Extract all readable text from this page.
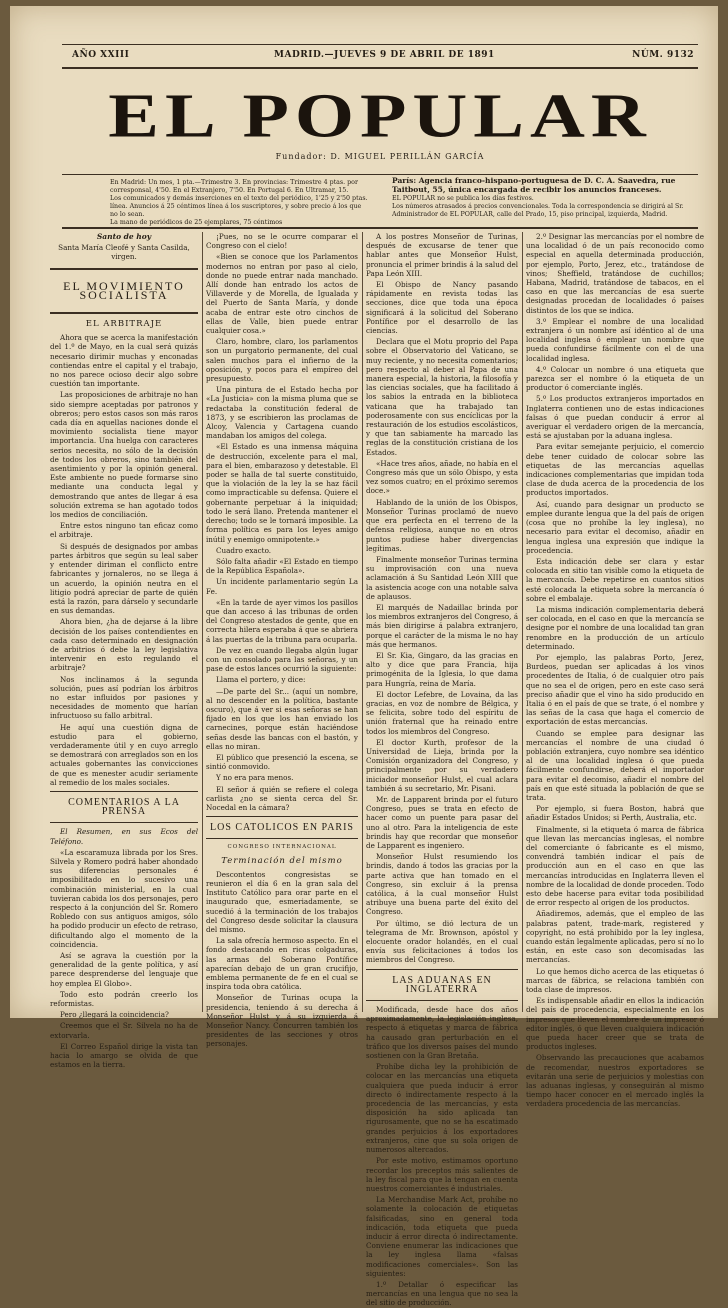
AÑO XXIII	MADRID.—JUEVES 9 DE ABRIL DE 1891	NÚM. 9132
EL POPULAR
Fundador: D. MIGUEL PERILLÁN GARCÍA
En Madrid: Un mes, 1 pta.—Trimestre 3. En provincias: Trimestre 4 ptas. por corresponsal, 4'50. En el Extranjero, 7'50. En Portugal 6. En Ultramar, 15.
Los comunicados y demás inserciones en el texto del periódico, 1'25 y 2'50 ptas. línea. Anuncios á 25 céntimos línea á los suscriptores, y sobre precio á los que no lo sean.
La mano de periódicos de 25 ejemplares, 75 céntimos
París: Agencia franco-hispano-portuguesa de D. C. A. Saavedra, rue Taitbout, 55, única encargada de recibir los anuncios franceses.
EL POPULAR no se publica los días festivos.
Los números atrasados á precios convencionales. Toda la correspondencia se dirigirá al Sr. Administrador de EL POPULAR, calle del Prado, 15, piso principal, izquierda, Madrid.
Santo de hoy

Santa María Cleofé y Santa Casilda, virgen.

EL MOVIMIENTO SOCIALISTA
EL ARBITRAJE

Ahora que se acerca la manifestación del 1.º de Mayo, en la cual será quizás necesario dirimir muchas y enconadas contiendas entre el capital y el trabajo, no nos parece ocioso decir algo sobre cuestión tan importante.

Las proposiciones de arbitraje no han sido siempre aceptadas por patronos y obreros; pero estos casos son más raros cada día en aquellas naciones donde el movimiento socialista tiene mayor importancia. Una huelga con caracteres serios necesita, no sólo de la decisión de todos los obreros, sino también del asentimiento y por la opinión general. Este ambiente no puede formarse sino mediante una conducta legal y demostrando que antes de llegar á esa solución extrema se han agotado todos los medios de conciliación.

Entre estos ninguno tan eficaz como el arbitraje.

Si después de designados por ambas partes árbitros que según su leal saber y entender diriman el conflicto entre fabricantes y jornaleros, no se llega á un acuerdo, la opinión neutra en el litigio podrá apreciar de parte de quién está la razón, para dárselo y secundarle en sus demandas.

Ahora bien, ¿ha de dejarse á la libre decisión de los países contendientes en cada caso determinado en designación de arbitrios ó debe la ley legislativa intervenir en esto regulando el arbitraje?

Nos inclinamos á la segunda solución, pues así podrían los árbitros no estar influidos por pasiones y necesidades de momento que harían infructuoso su fallo arbitral.

He aquí una cuestión digna de estudio para el gobierno, verdaderamente útil y en cuyo arreglo se demostrará con arreglados son en los actuales gobernantes las convicciones de que es menester acudir seriamente al remedio de los males sociales.

COMENTARIOS A LA PRENSA

El Resumen, en sus Ecos del Teléfono.

«La escaramuza librada por los Sres. Silvela y Romero podrá haber ahondado sus diferencias personales é imposibilitado en lo sucesivo una combinación ministerial, en la cual tuvieran cabida los dos personajes, pero respecto á la conjunción del Sr. Romero Robledo con sus antiguos amigos, sólo ha podido producir un efecto de retraso, dificultando algo el momento de la coincidencia.

Así se agrava la cuestión por la generalidad de la gente política, y así parece desprenderse del lenguaje que hoy emplea El Globo».

Todo esto podrán creerlo los reformistas.

Pero ¿llegará la coincidencia?

Creemos que el Sr. Silvela no ha de extorvarla.

El Correo Español dirige la vista tan hacia lo amargo se olvida de que estamos en la tierra.

¡Pues, no se le ocurre comparar el Congreso con el cielo!

«Bien se conoce que los Parlamentos modernos no entran por paso al cielo, donde no puede entrar nada manchado. Allí donde han entrado los actos de Villaverde y de Morella, de Igualada y del Puerto de Santa María, y donde acaba de entrar este otro cinchos de ellas de Valle, bien puede entrar cualquier cosa.»

Claro, hombre, claro, los parlamentos son un purgatorio permanente, del cual salen muchos para el infierno de la oposición, y pocos para el empíreo del presupuesto.

Una pintura de el Estado hecha por «La Justicia» con la misma pluma que se redactaba la constitución federal de 1873, y se escribieron las proclamas de Alcoy, Valencia y Cartagena cuando mandaban los amigos del colega.

«El Estado es una inmensa máquina de destrucción, excelente para el mal, para el bien, embarazoso y detestable. El poder se halla de tal suerte constituido, que la violación de la ley la se haz fácil como impracticable su defensa. Quiere el gobernante perpetuar á la iniquidad; todo le será llano. Pretenda mantener el derecho; todo se le tornará imposible. La forma política es para los leyes amigo inútil y enemigo omnipotente.»

Cuadro exacto.

Sólo falta añadir «El Estado en tiempo de la República Española».

Un incidente parlamentario según La Fe.

«En la tarde de ayer vimos los pasillos que dan acceso á las tribunas de orden del Congreso atestados de gente, que en correcta hilera esperaba á que se abriera á las puertas de la tribuna para ocuparla.

De vez en cuando llegaba algún lugar con un consolado para las señoras, y un pase de estos lances ocurrió la siguiente:

Llama el portero, y dice:

—De parte del Sr... (aquí un nombre, al no descender en la política, bastante oscuro), que á ver si esas señoras se han fijado en los que los han enviado los carnecines, porque están haciéndose señas desde las bancas con el bastón, y ellas no miran.

El público que presenció la escena, se sintió conmovido.

Y no era para menos.

El señor á quién se refiere el colega carlista ¿no se sienta cerca del Sr. Nocedal en la cámara?

LOS CATOLICOS EN PARIS
CONGRESO INTERNACIONAL
Terminación del mismo

Descontentos congresistas se reunieron el día 6 en la gran sala del Instituto Católico para orar parte en el inaugurado que, esmeriadamente, se sucedió á la terminación de los trabajos del Congreso desde solicitar la clausura del mismo.

La sala ofrecía hermoso aspecto. En el fondo destacando en ricas colgaduras, las armas del Soberano Pontífice aparecían debajo de un gran crucifijo, emblema permanente de fe en el cual se inspira toda obra católica.

Monseñor de Turinas ocupa la presidencia, teniendo á su derecha á Monseñor Hulst y á su izquierda á Monseñor Nancy. Concurren también los presidentes de las secciones y otros personajes.

A los postres Monseñor de Turinas, después de excusarse de tener que hablar antes que Monseñor Hulst, pronuncia el primer brindis á la salud del Papa León XIII.

El Obispo de Nancy pasando rápidamente en revista todas las secciones, dice que toda una época significará á la solicitud del Soberano Pontífice por el desarrollo de las ciencias.

Declara que el Motu proprio del Papa sobre el Observatorio del Vaticano, se muy reciente, y no necesita comentarios; pero respecto al deber al Papa de una manera especial, la historia, la filosofía y las ciencias sociales, que ha facilitado á los sabios la entrada en la biblioteca vaticana que ha trabajado tan poderosamente con sus encíclicas por la restauración de los estudios escolásticos, y que tan sabiamente ha marcado las reglas de la constitución cristiana de los Estados.

«Hace tres años, añade, no había en el Congreso más que un sólo Obispo, y esta vez somos cuatro; en el próximo seremos doce.»

Hablando de la unión de los Obispos, Monseñor Turinas proclamó de nuevo que era perfecta en el terreno de la defensa religiosa, aunque no en otros puntos pudiese haber divergencias legítimas.

Finalmente monseñor Turinas termina su improvisación con una nueva aclamación á Su Santidad León XIII que la asistencia acoge con una notable salva de aplausos.

El marqués de Nadaillac brinda por los miembros extranjeros del Congreso, á más bien dirigirse á palabra extranjero, porque el carácter de la misma le no hay más que hermanos.

El Sr. Kia, Gingaro, da las gracias en alto y dice que para Francia, hija primogénita de la Iglesia, lo que dama para Hungría, reina de María.

El doctor Lefebre, de Lovaina, da las gracias, en voz de nombre de Bélgica, y se felicita, sobre todo del espíritu de unión fraternal que ha reinado entre todos los miembros del Congreso.

El doctor Kurth, profesor de la Universidad de Lieja, brinda por la Comisión organizadora del Congreso, y principalmente por su verdadero iniciador monseñor Hulst, el cual aclara también á su secretario, Mr. Pisani.

Mr. de Lapparent brinda por el futuro Congreso, pues se trata en efecto de hacer como un puente para pasar del uno al otro. Para la inteligencia de este brindis hay que recordar que monseñor de Lapparent es ingeniero.

Monseñor Hulst resumiendo los brindis, dando á todos las gracias por la parte activa que han tomado en el Congreso, sin excluir á la prensa católica, á la cual monseñor Hulst atribuye una buena parte del éxito del Congreso.

Por último, se dió lectura de un telegrama de Mr. Brownson, apóstol y elocuente orador holandés, en el cual envía sus felicitaciones á todos los miembros del Congreso.

LAS ADUANAS EN INGLATERRA

Modificada, desde hace dos años aproximadamente, la legislación inglesa, respecto á etiquetas y marca de fábrica ha causado gran perturbación en el tráfico que los diversos países del mundo sostienen con la Gran Bretaña.

Prohíbe dicha ley la prohibición de colocar en las mercancías una etiqueta cualquiera que pueda inducir á error directo ó indirectamente respecto á la procedencia de las mercancías, y esta disposición ha sido aplicada tan rigurosamente, que no se ha escatimado grandes perjuicios á los exportadores extranjeros, cine que su sola origen de numerosos altercados.

Por este motivo, estimamos oportuno recordar los preceptos más salientes de la ley fiscal para que la tengan en cuenta nuestros comerciantes é industriales.

La Merchandise Mark Act, prohíbe no solamente la colocación de etiquetas falsificadas, sino en general toda indicación, toda etiqueta que pueda inducir á error directa ó indirectamente. Conviene enumerar las indicaciones que la ley inglesa llama «falsas modificaciones comerciales». Son las siguientes:

1.º Detallar ó especificar las mercancías en una lengua que no sea la del sitio de producción.

2.º Designar las mercancías por el nombre de una localidad ó de un país reconocido como especial en aquella determinada producción, por ejemplo, Porto, Jerez, etc., tratándose de vinos; Sheffield, tratándose de cuchillos; Habana, Madrid, tratándose de tabacos, en el caso en que las mercancías de esa suerte designadas procedan de localidades ó países distintos de los que se indica.

3.º Emplear el nombre de una localidad extranjera ó un nombre así idéntico al de una localidad inglesa ó emplear un nombre que pueda confundirse fácilmente con el de una localidad inglesa.

4.º Colocar un nombre ó una etiqueta que parezca ser el nombre ó la etiqueta de un productor ó comerciante inglés.

5.º Los productos extranjeros importados en Inglaterra contienen uno de estas indicaciones falsas ó que puedan conducir á error al averiguar el verdadero origen de la mercancía, está se ajustaban por la aduana inglesa.

Para evitar semejante perjuicio, el comercio debe tener cuidado de colocar sobre las etiquetas de las mercancías aquellas indicaciones complementarias que impidan toda clase de duda acerca de la procedencia de los productos importados.

Así, cuando para designar un producto se emplee durante lengua que la del país de origen (cosa que no prohíbe la ley inglesa), no necesario para evitar el decomiso, añadir en lengua inglesa una expresión que indique la procedencia.

Esta indicación debe ser clara y estar colocada en sitio tan visible como la etiqueta de la mercancía. Debe repetirse en cuantos sitios esté colocada la etiqueta sobre la mercancía ó sobre el embalaje.

La misma indicación complementaria deberá ser colocada, en el caso en que la mercancía se designe por el nombre de una localidad tan gran renombre en la producción de un artículo determinado.

Por ejemplo, las palabras Porto, Jerez, Burdeos, puedan ser aplicadas á los vinos procedentes de Italia, ó de cualquier otro país que no sea el de origen, pero en este caso será preciso añadir que el vino ha sido producido en Italia ó en el país de que se trate, ó el nombre y las señas de la casa que haga el comercio de exportación de estas mercancías.

Cuando se emplee para designar las mercancías el nombre de una ciudad ó población extranjera, cuyo nombre sea idéntico al de una localidad inglesa ó que pueda fácilmente confundirse, deberá el importador para evitar el decomiso, añadir el nombre del país en que esté situada la población de que se trata.

Por ejemplo, si fuera Boston, habrá que añadir Estados Unidos; si Perth, Australia, etc.

Finalmente, si la etiqueta ó marca de fábrica que llevan las mercancías inglesas, el nombre del comerciante ó fabricante es el mismo, convendrá también indicar el país de producción aun en el caso en que las mercancías introducidas en Inglaterra lleven el nombre de la localidad de donde proceden. Todo esto debe hacerse para evitar toda posibilidad de error respecto al origen de los productos.

Añadiremos, además, que el empleo de las palabras patent, trade-mark, registered y copyright, no está prohibido por la ley inglesa, cuando están legalmente aplicadas, pero sí no lo están, en este caso son decomisadas las mercancías.

Lo que hemos dicho acerca de las etiquetas ó marcas de fábrica, se relaciona también con toda clase de impresos.

Es indispensable añadir en ellos la indicación del país de procedencia, especialmente en los impresos que lleven el nombre de un impresor ó editor inglés, ó que lleven cualquiera indicación que pueda hacer creer que se trata de productos ingleses.

Observando las precauciones que acabamos de recomendar, nuestros exportadores se evitarán una serie de perjuicios y molestias con las aduanas inglesas, y conseguirán al mismo tiempo hacer conocer en el mercado inglés la verdadera procedencia de las mercancías.
